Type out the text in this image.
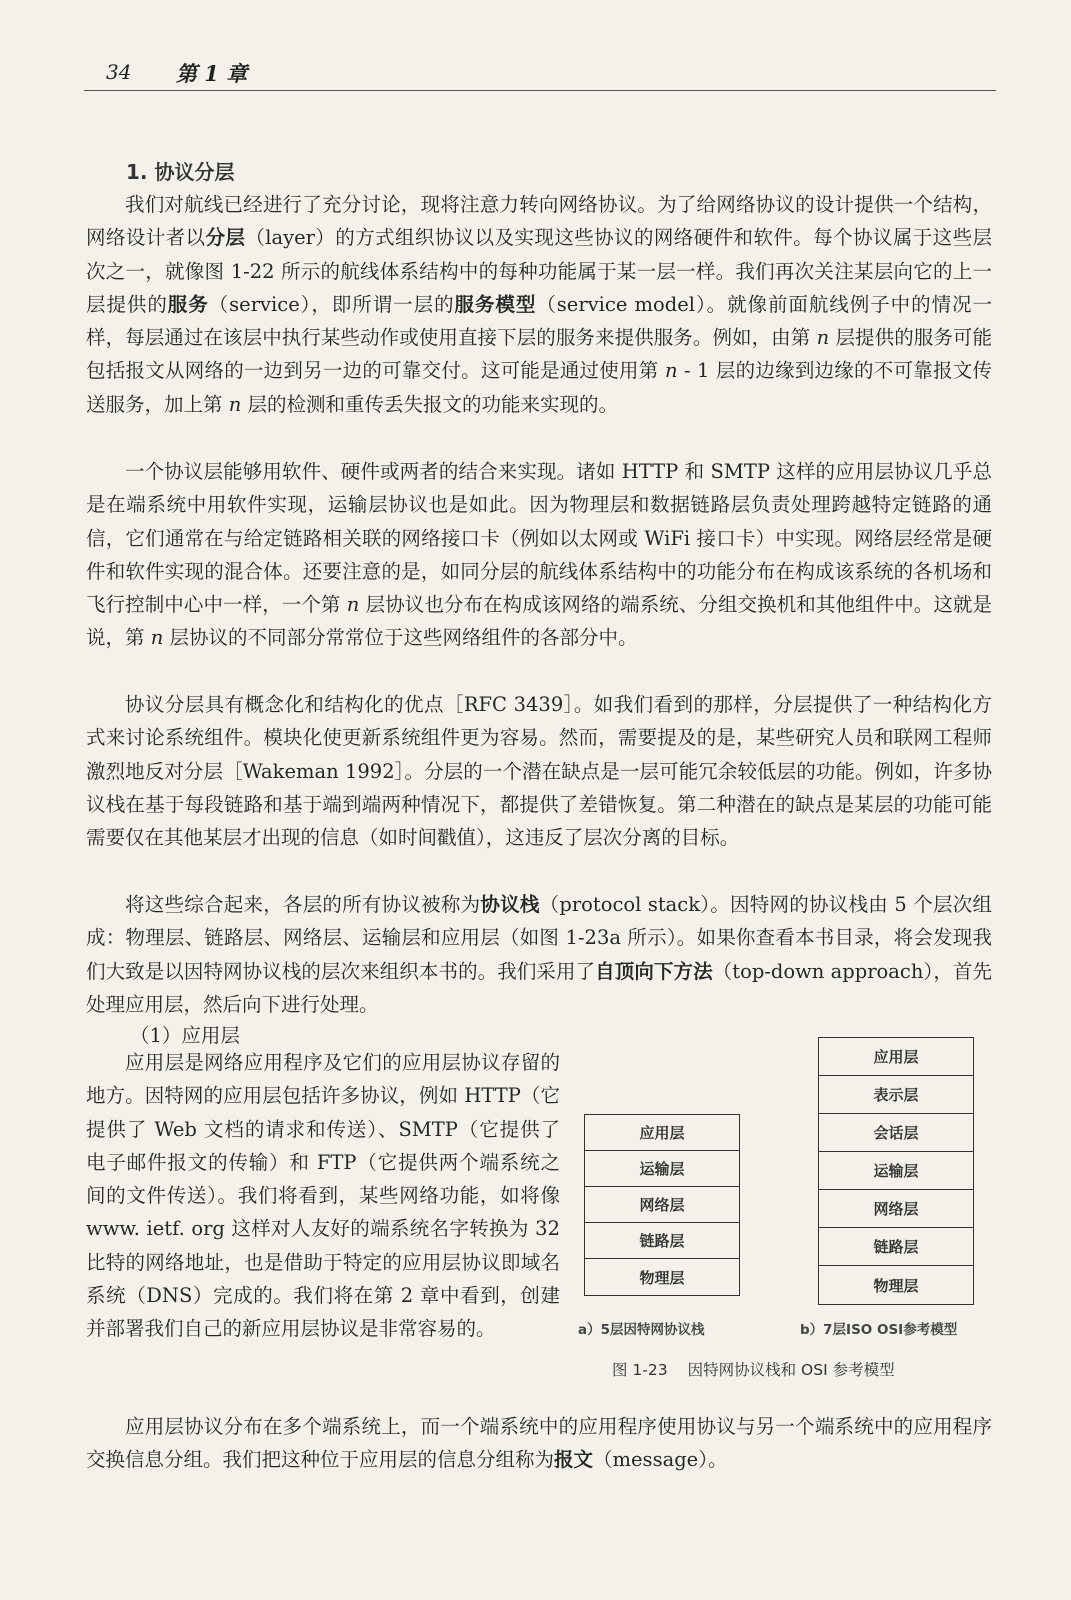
34 第 1 章
1. 协议分层
我们对航线已经进行了充分讨论，现将注意力转向网络协议。为了给网络协议的设计提供一个结构，网络设计者以分层（layer）的方式组织协议以及实现这些协议的网络硬件和软件。每个协议属于这些层次之一，就像图 1-22 所示的航线体系结构中的每种功能属于某一层一样。我们再次关注某层向它的上一层提供的服务（service），即所谓一层的服务模型（service model）。就像前面航线例子中的情况一样，每层通过在该层中执行某些动作或使用直接下层的服务来提供服务。例如，由第 n 层提供的服务可能包括报文从网络的一边到另一边的可靠交付。这可能是通过使用第 n - 1 层的边缘到边缘的不可靠报文传送服务，加上第 n 层的检测和重传丢失报文的功能来实现的。
一个协议层能够用软件、硬件或两者的结合来实现。诸如 HTTP 和 SMTP 这样的应用层协议几乎总是在端系统中用软件实现，运输层协议也是如此。因为物理层和数据链路层负责处理跨越特定链路的通信，它们通常在与给定链路相关联的网络接口卡（例如以太网或 WiFi 接口卡）中实现。网络层经常是硬件和软件实现的混合体。还要注意的是，如同分层的航线体系结构中的功能分布在构成该系统的各机场和飞行控制中心中一样，一个第 n 层协议也分布在构成该网络的端系统、分组交换机和其他组件中。这就是说，第 n 层协议的不同部分常常位于这些网络组件的各部分中。
协议分层具有概念化和结构化的优点［RFC 3439］。如我们看到的那样，分层提供了一种结构化方式来讨论系统组件。模块化使更新系统组件更为容易。然而，需要提及的是，某些研究人员和联网工程师激烈地反对分层［Wakeman 1992］。分层的一个潜在缺点是一层可能冗余较低层的功能。例如，许多协议栈在基于每段链路和基于端到端两种情况下，都提供了差错恢复。第二种潜在的缺点是某层的功能可能需要仅在其他某层才出现的信息（如时间戳值），这违反了层次分离的目标。
将这些综合起来，各层的所有协议被称为协议栈（protocol stack）。因特网的协议栈由 5 个层次组成：物理层、链路层、网络层、运输层和应用层（如图 1-23a 所示）。如果你查看本书目录，将会发现我们大致是以因特网协议栈的层次来组织本书的。我们采用了自顶向下方法（top-down approach），首先处理应用层，然后向下进行处理。
（1）应用层
应用层是网络应用程序及它们的应用层协议存留的地方。因特网的应用层包括许多协议，例如 HTTP（它提供了 Web 文档的请求和传送）、SMTP（它提供了电子邮件报文的传输）和 FTP（它提供两个端系统之间的文件传送）。我们将看到，某些网络功能，如将像 www. ietf. org 这样对人友好的端系统名字转换为 32 比特的网络地址，也是借助于特定的应用层协议即域名系统（DNS）完成的。我们将在第 2 章中看到，创建并部署我们自己的新应用层协议是非常容易的。
应用层
运输层
网络层
链路层
物理层
应用层
表示层
会话层
运输层
网络层
链路层
物理层
a）5层因特网协议栈	b）7层ISO OSI参考模型
图 1-23 因特网协议栈和 OSI 参考模型
应用层协议分布在多个端系统上，而一个端系统中的应用程序使用协议与另一个端系统中的应用程序交换信息分组。我们把这种位于应用层的信息分组称为报文（message）。
